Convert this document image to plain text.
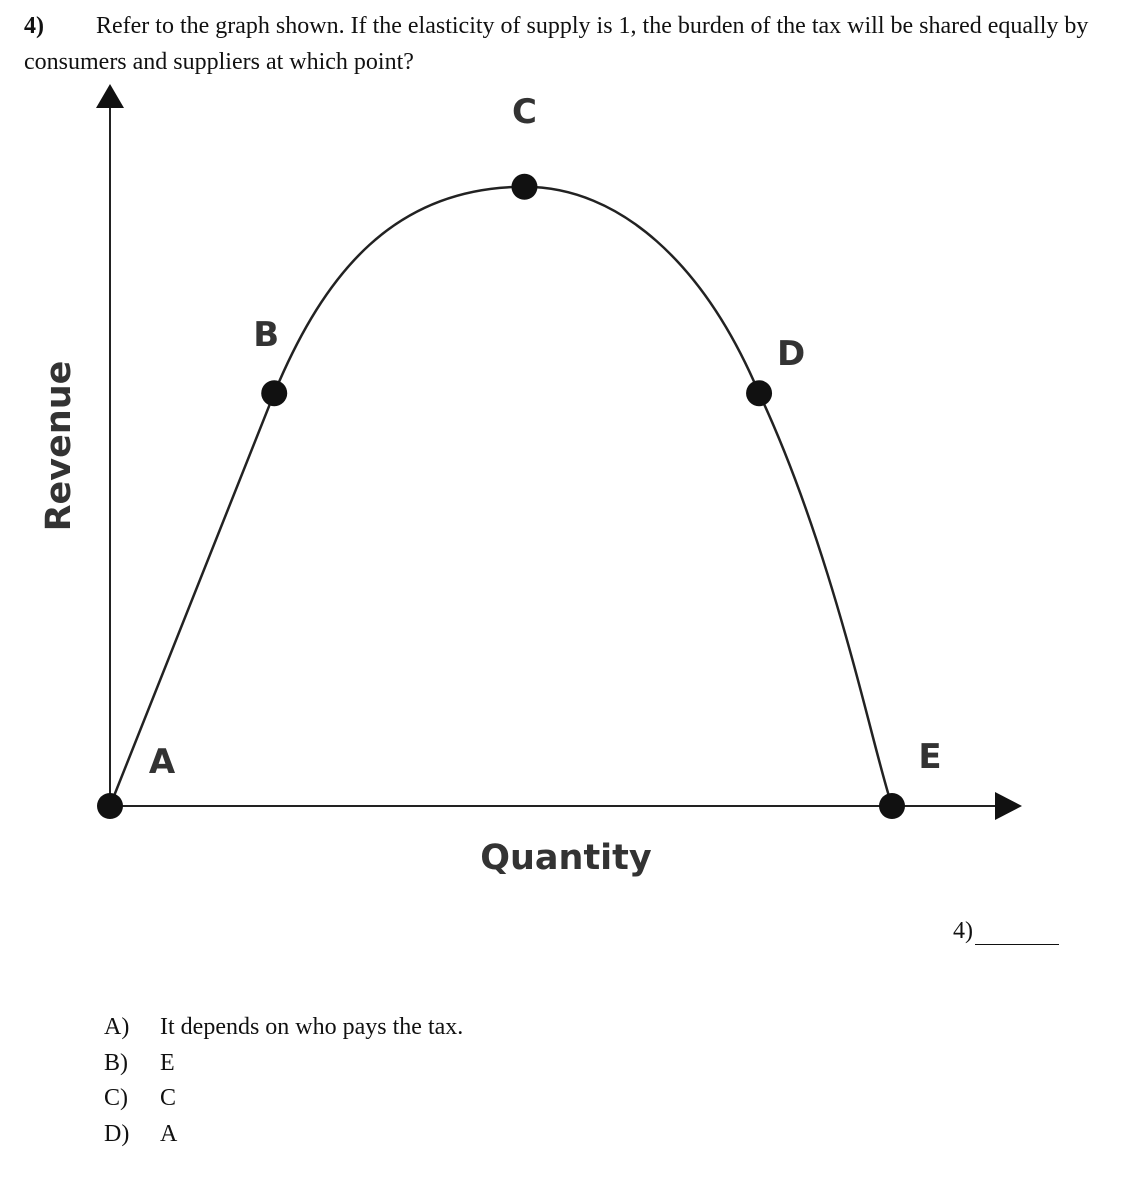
4) Refer to the graph shown. If the elasticity of supply is 1, the burden of the tax will be shared equally by consumers and suppliers at which point?
Quantity
Revenue
A
B
C
D
E
4)
A)	It depends on who pays the tax.
B)	E
C)	C
D)	A
